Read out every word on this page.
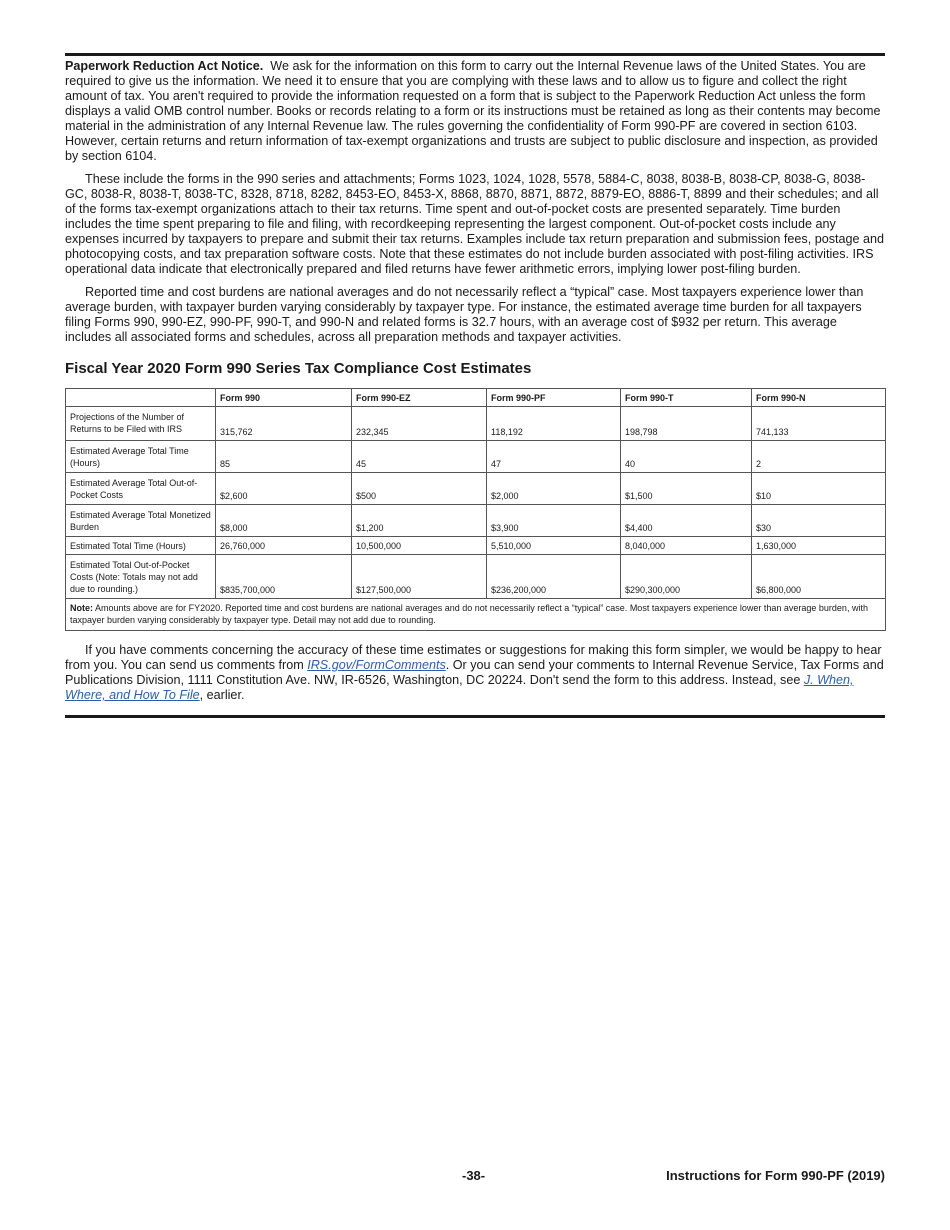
Paperwork Reduction Act Notice. We ask for the information on this form to carry out the Internal Revenue laws of the United States. You are required to give us the information. We need it to ensure that you are complying with these laws and to allow us to figure and collect the right amount of tax. You aren't required to provide the information requested on a form that is subject to the Paperwork Reduction Act unless the form displays a valid OMB control number. Books or records relating to a form or its instructions must be retained as long as their contents may become material in the administration of any Internal Revenue law. The rules governing the confidentiality of Form 990-PF are covered in section 6103. However, certain returns and return information of tax-exempt organizations and trusts are subject to public disclosure and inspection, as provided by section 6104.

These include the forms in the 990 series and attachments; Forms 1023, 1024, 1028, 5578, 5884-C, 8038, 8038-B, 8038-CP, 8038-G, 8038-GC, 8038-R, 8038-T, 8038-TC, 8328, 8718, 8282, 8453-EO, 8453-X, 8868, 8870, 8871, 8872, 8879-EO, 8886-T, 8899 and their schedules; and all of the forms tax-exempt organizations attach to their tax returns. Time spent and out-of-pocket costs are presented separately. Time burden includes the time spent preparing to file and filing, with recordkeeping representing the largest component. Out-of-pocket costs include any expenses incurred by taxpayers to prepare and submit their tax returns. Examples include tax return preparation and submission fees, postage and photocopying costs, and tax preparation software costs. Note that these estimates do not include burden associated with post-filing activities. IRS operational data indicate that electronically prepared and filed returns have fewer arithmetic errors, implying lower post-filing burden.

Reported time and cost burdens are national averages and do not necessarily reflect a “typical” case. Most taxpayers experience lower than average burden, with taxpayer burden varying considerably by taxpayer type. For instance, the estimated average time burden for all taxpayers filing Forms 990, 990-EZ, 990-PF, 990-T, and 990-N and related forms is 32.7 hours, with an average cost of $932 per return. This average includes all associated forms and schedules, across all preparation methods and taxpayer activities.

Fiscal Year 2020 Form 990 Series Tax Compliance Cost Estimates
	Form 990	Form 990-EZ	Form 990-PF	Form 990-T	Form 990-N
Projections of the Number of Returns to be Filed with IRS	315,762	232,345	118,192	198,798	741,133
Estimated Average Total Time (Hours)	85	45	47	40	2
Estimated Average Total Out-of-Pocket Costs	$2,600	$500	$2,000	$1,500	$10
Estimated Average Total Monetized Burden	$8,000	$1,200	$3,900	$4,400	$30
Estimated Total Time (Hours)	26,760,000	10,500,000	5,510,000	8,040,000	1,630,000
Estimated Total Out-of-Pocket Costs (Note: Totals may not add due to rounding.)	$835,700,000	$127,500,000	$236,200,000	$290,300,000	$6,800,000
Note: Amounts above are for FY2020. Reported time and cost burdens are national averages and do not necessarily reflect a “typical” case. Most taxpayers experience lower than average burden, with taxpayer burden varying considerably by taxpayer type. Detail may not add due to rounding.					

If you have comments concerning the accuracy of these time estimates or suggestions for making this form simpler, we would be happy to hear from you. You can send us comments from IRS.gov/FormComments. Or you can send your comments to Internal Revenue Service, Tax Forms and Publications Division, 1111 Constitution Ave. NW, IR-6526, Washington, DC 20224. Don't send the form to this address. Instead, see J. When, Where, and How To File, earlier.

-38-	Instructions for Form 990-PF (2019)
